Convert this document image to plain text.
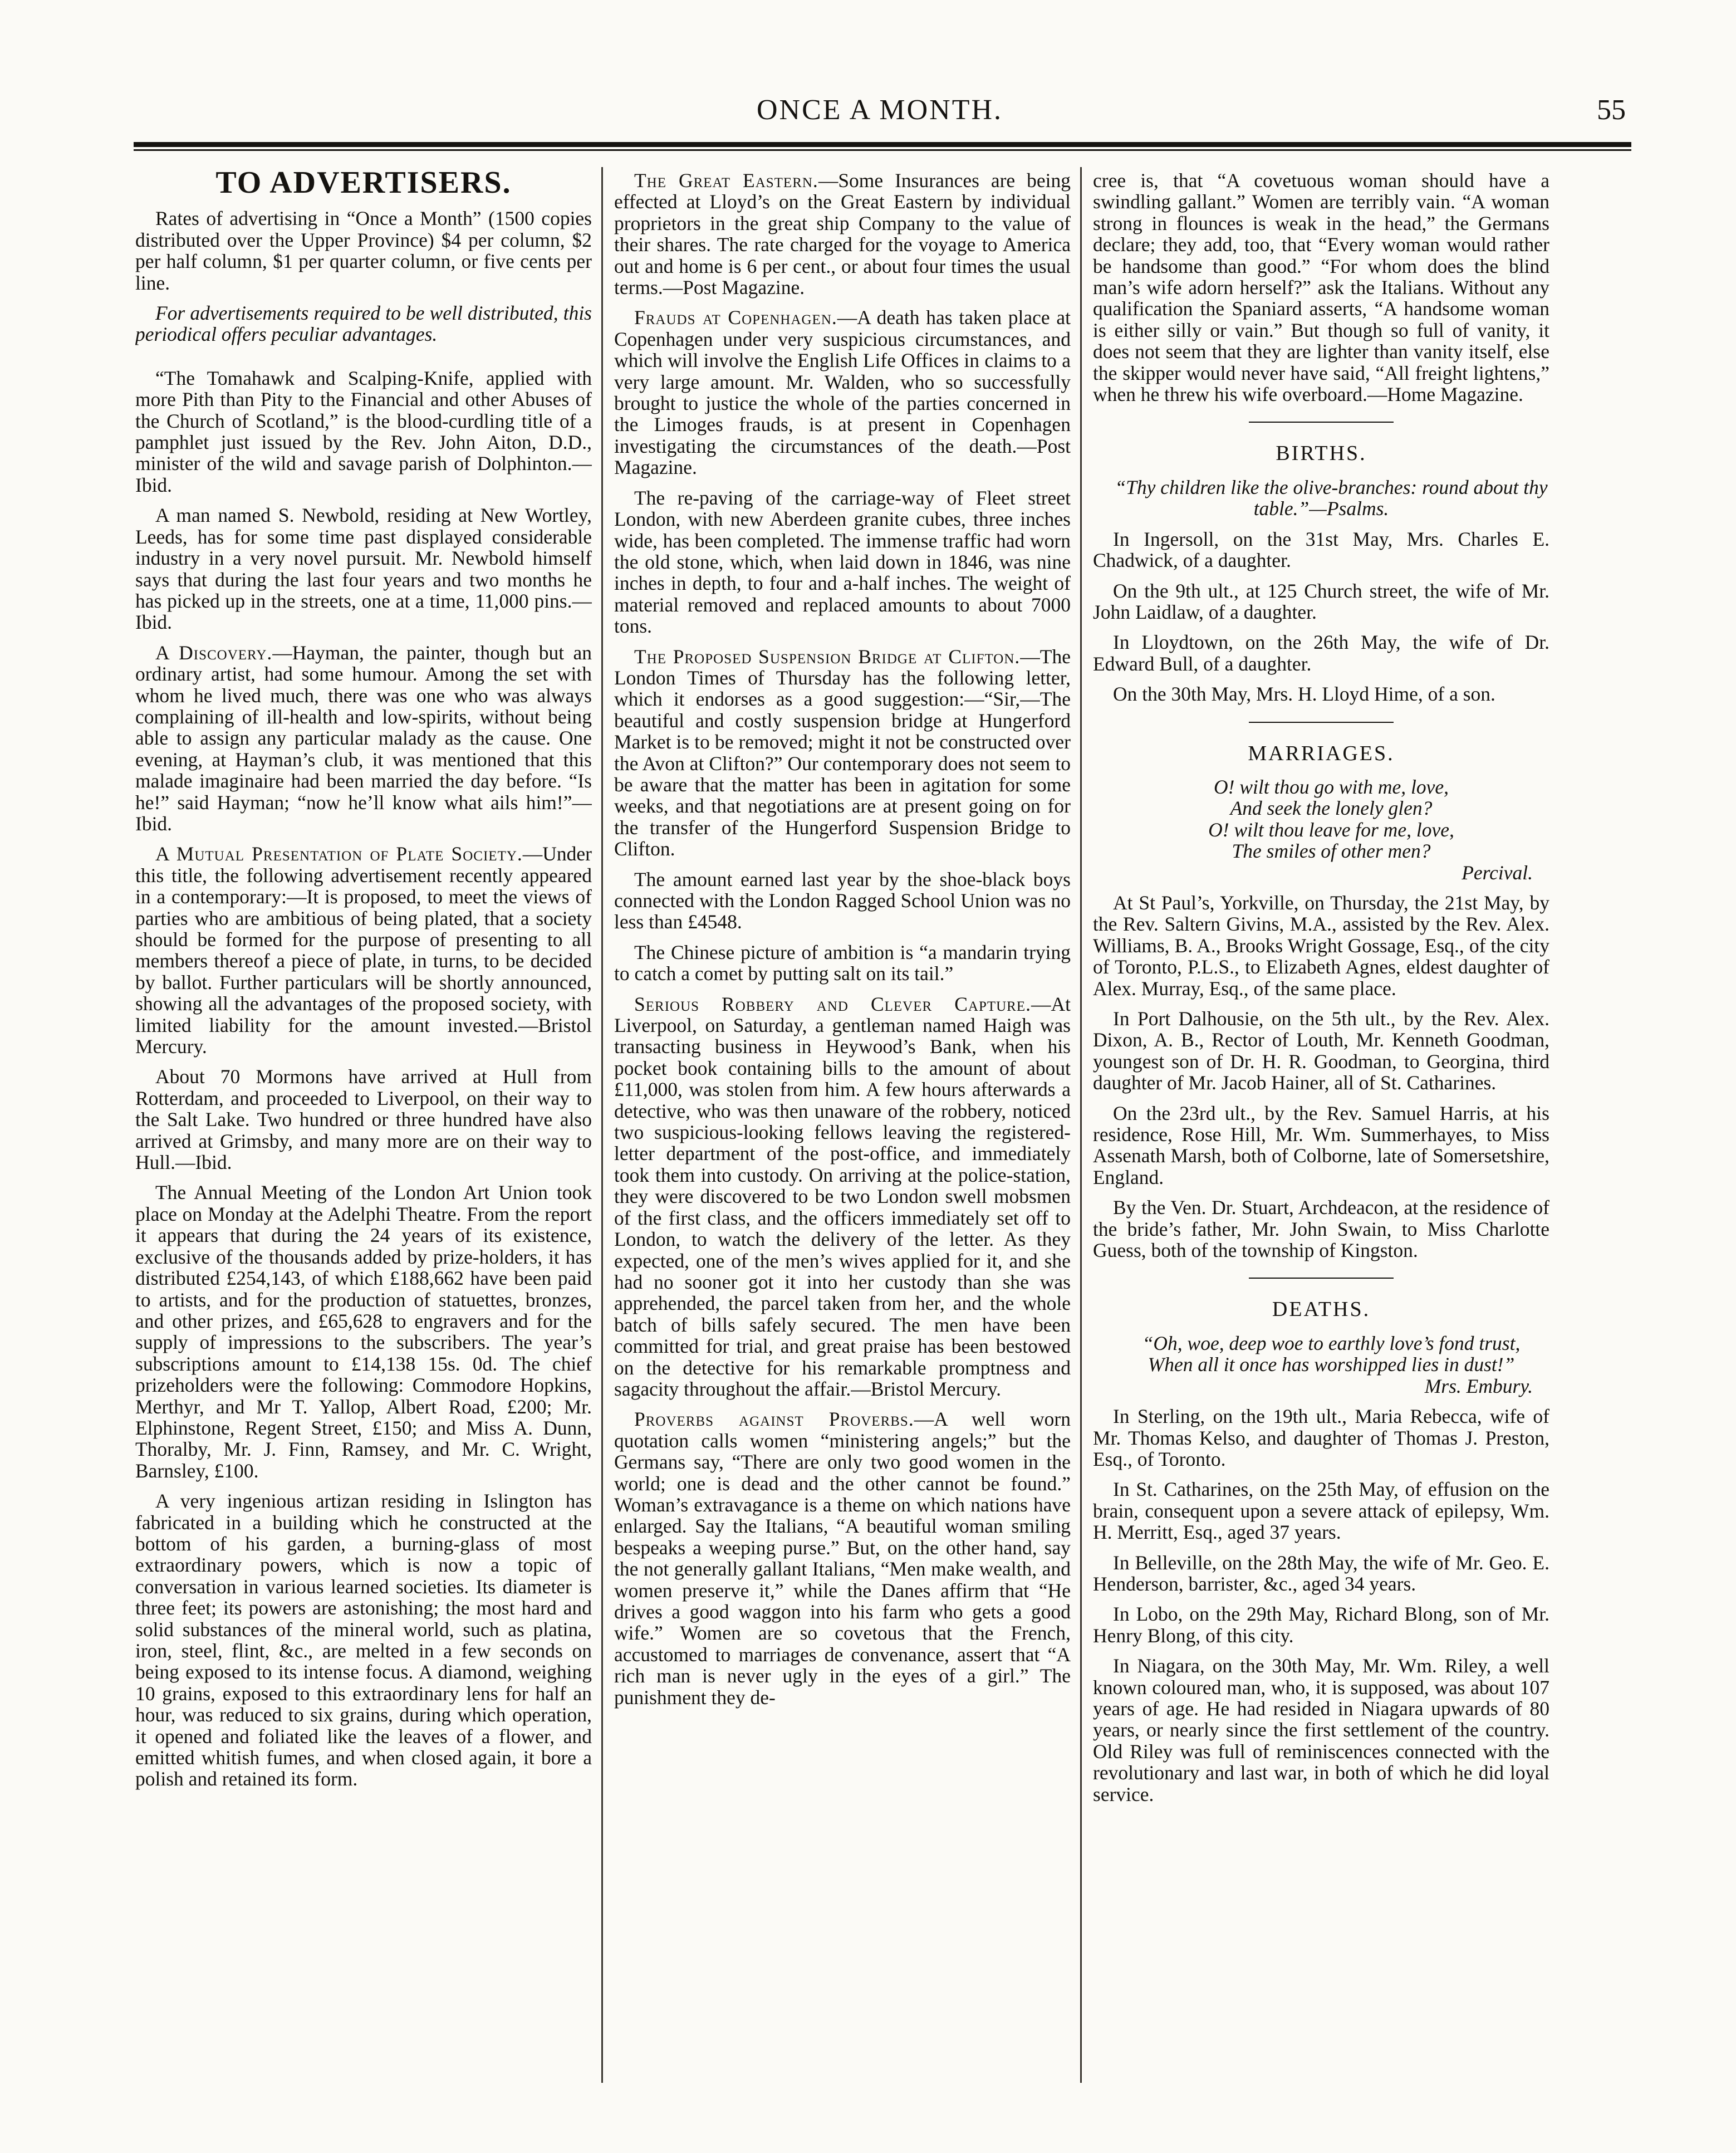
ONCE A MONTH.	55

TO ADVERTISERS.

Rates of advertising in “Once a Month” (1500 copies distributed over the Upper Province) $4 per column, $2 per half column, $1 per quarter column, or five cents per line.

For advertisements required to be well distributed, this periodical offers peculiar advantages.

“The Tomahawk and Scalping-Knife, applied with more Pith than Pity to the Financial and other Abuses of the Church of Scotland,” is the blood-curdling title of a pamphlet just issued by the Rev. John Aiton, D.D., minister of the wild and savage parish of Dolphinton.—Ibid.

A man named S. Newbold, residing at New Wortley, Leeds, has for some time past displayed considerable industry in a very novel pursuit. Mr. Newbold himself says that during the last four years and two months he has picked up in the streets, one at a time, 11,000 pins.—Ibid.

A Discovery.—Hayman, the painter, though but an ordinary artist, had some humour. Among the set with whom he lived much, there was one who was always complaining of ill-health and low-spirits, without being able to assign any particular malady as the cause. One evening, at Hayman’s club, it was mentioned that this malade imaginaire had been married the day before. “Is he!” said Hayman; “now he’ll know what ails him!”—Ibid.

A Mutual Presentation of Plate Society.—Under this title, the following advertisement recently appeared in a contemporary:—It is proposed, to meet the views of parties who are ambitious of being plated, that a society should be formed for the purpose of presenting to all members thereof a piece of plate, in turns, to be decided by ballot. Further particulars will be shortly announced, showing all the advantages of the proposed society, with limited liability for the amount invested.—Bristol Mercury.

About 70 Mormons have arrived at Hull from Rotterdam, and proceeded to Liverpool, on their way to the Salt Lake. Two hundred or three hundred have also arrived at Grimsby, and many more are on their way to Hull.—Ibid.

The Annual Meeting of the London Art Union took place on Monday at the Adelphi Theatre. From the report it appears that during the 24 years of its existence, exclusive of the thousands added by prize-holders, it has distributed £254,143, of which £188,662 have been paid to artists, and for the production of statuettes, bronzes, and other prizes, and £65,628 to engravers and for the supply of impressions to the subscribers. The year’s subscriptions amount to £14,138 15s. 0d. The chief prizeholders were the following: Commodore Hopkins, Merthyr, and Mr T. Yallop, Albert Road, £200; Mr. Elphinstone, Regent Street, £150; and Miss A. Dunn, Thoralby, Mr. J. Finn, Ramsey, and Mr. C. Wright, Barnsley, £100.

A very ingenious artizan residing in Islington has fabricated in a building which he constructed at the bottom of his garden, a burning-glass of most extraordinary powers, which is now a topic of conversation in various learned societies. Its diameter is three feet; its powers are astonishing; the most hard and solid substances of the mineral world, such as platina, iron, steel, flint, &c., are melted in a few seconds on being exposed to its intense focus. A diamond, weighing 10 grains, exposed to this extraordinary lens for half an hour, was reduced to six grains, during which operation, it opened and foliated like the leaves of a flower, and emitted whitish fumes, and when closed again, it bore a polish and retained its form.

The Great Eastern.—Some Insurances are being effected at Lloyd’s on the Great Eastern by individual proprietors in the great ship Company to the value of their shares. The rate charged for the voyage to America out and home is 6 per cent., or about four times the usual terms.—Post Magazine.

Frauds at Copenhagen.—A death has taken place at Copenhagen under very suspicious circumstances, and which will involve the English Life Offices in claims to a very large amount. Mr. Walden, who so successfully brought to justice the whole of the parties concerned in the Limoges frauds, is at present in Copenhagen investigating the circumstances of the death.—Post Magazine.

The re-paving of the carriage-way of Fleet street London, with new Aberdeen granite cubes, three inches wide, has been completed. The immense traffic had worn the old stone, which, when laid down in 1846, was nine inches in depth, to four and a-half inches. The weight of material removed and replaced amounts to about 7000 tons.

The Proposed Suspension Bridge at Clifton.—The London Times of Thursday has the following letter, which it endorses as a good suggestion:—“Sir,—The beautiful and costly suspension bridge at Hungerford Market is to be removed; might it not be constructed over the Avon at Clifton?” Our contemporary does not seem to be aware that the matter has been in agitation for some weeks, and that negotiations are at present going on for the transfer of the Hungerford Suspension Bridge to Clifton.

The amount earned last year by the shoe-black boys connected with the London Ragged School Union was no less than £4548.

The Chinese picture of ambition is “a mandarin trying to catch a comet by putting salt on its tail.”

Serious Robbery and Clever Capture.—At Liverpool, on Saturday, a gentleman named Haigh was transacting business in Heywood’s Bank, when his pocket book containing bills to the amount of about £11,000, was stolen from him. A few hours afterwards a detective, who was then unaware of the robbery, noticed two suspicious-looking fellows leaving the registered-letter department of the post-office, and immediately took them into custody. On arriving at the police-station, they were discovered to be two London swell mobsmen of the first class, and the officers immediately set off to London, to watch the delivery of the letter. As they expected, one of the men’s wives applied for it, and she had no sooner got it into her custody than she was apprehended, the parcel taken from her, and the whole batch of bills safely secured. The men have been committed for trial, and great praise has been bestowed on the detective for his remarkable promptness and sagacity throughout the affair.—Bristol Mercury.

Proverbs against Proverbs.—A well worn quotation calls women “ministering angels;” but the Germans say, “There are only two good women in the world; one is dead and the other cannot be found.” Woman’s extravagance is a theme on which nations have enlarged. Say the Italians, “A beautiful woman smiling bespeaks a weeping purse.” But, on the other hand, say the not generally gallant Italians, “Men make wealth, and women preserve it,” while the Danes affirm that “He drives a good waggon into his farm who gets a good wife.” Women are so covetous that the French, accustomed to marriages de convenance, assert that “A rich man is never ugly in the eyes of a girl.” The punishment they de-

cree is, that “A covetuous woman should have a swindling gallant.” Women are terribly vain. “A woman strong in flounces is weak in the head,” the Germans declare; they add, too, that “Every woman would rather be handsome than good.” “For whom does the blind man’s wife adorn herself?” ask the Italians. Without any qualification the Spaniard asserts, “A handsome woman is either silly or vain.” But though so full of vanity, it does not seem that they are lighter than vanity itself, else the skipper would never have said, “All freight lightens,” when he threw his wife overboard.—Home Magazine.

BIRTHS.

“Thy children like the olive-branches: round about thy table.”—Psalms.

In Ingersoll, on the 31st May, Mrs. Charles E. Chadwick, of a daughter.

On the 9th ult., at 125 Church street, the wife of Mr. John Laidlaw, of a daughter.

In Lloydtown, on the 26th May, the wife of Dr. Edward Bull, of a daughter.

On the 30th May, Mrs. H. Lloyd Hime, of a son.

MARRIAGES.

O! wilt thou go with me, love,
And seek the lonely glen?
O! wilt thou leave for me, love,
The smiles of other men?
Percival.

At St Paul’s, Yorkville, on Thursday, the 21st May, by the Rev. Saltern Givins, M.A., assisted by the Rev. Alex. Williams, B. A., Brooks Wright Gossage, Esq., of the city of Toronto, P.L.S., to Elizabeth Agnes, eldest daughter of Alex. Murray, Esq., of the same place.

In Port Dalhousie, on the 5th ult., by the Rev. Alex. Dixon, A. B., Rector of Louth, Mr. Kenneth Goodman, youngest son of Dr. H. R. Goodman, to Georgina, third daughter of Mr. Jacob Hainer, all of St. Catharines.

On the 23rd ult., by the Rev. Samuel Harris, at his residence, Rose Hill, Mr. Wm. Summerhayes, to Miss Assenath Marsh, both of Colborne, late of Somersetshire, England.

By the Ven. Dr. Stuart, Archdeacon, at the residence of the bride’s father, Mr. John Swain, to Miss Charlotte Guess, both of the township of Kingston.

DEATHS.

“Oh, woe, deep woe to earthly love’s fond trust,
When all it once has worshipped lies in dust!”
Mrs. Embury.

In Sterling, on the 19th ult., Maria Rebecca, wife of Mr. Thomas Kelso, and daughter of Thomas J. Preston, Esq., of Toronto.

In St. Catharines, on the 25th May, of effusion on the brain, consequent upon a severe attack of epilepsy, Wm. H. Merritt, Esq., aged 37 years.

In Belleville, on the 28th May, the wife of Mr. Geo. E. Henderson, barrister, &c., aged 34 years.

In Lobo, on the 29th May, Richard Blong, son of Mr. Henry Blong, of this city.

In Niagara, on the 30th May, Mr. Wm. Riley, a well known coloured man, who, it is supposed, was about 107 years of age. He had resided in Niagara upwards of 80 years, or nearly since the first settlement of the country. Old Riley was full of reminiscences connected with the revolutionary and last war, in both of which he did loyal service.
